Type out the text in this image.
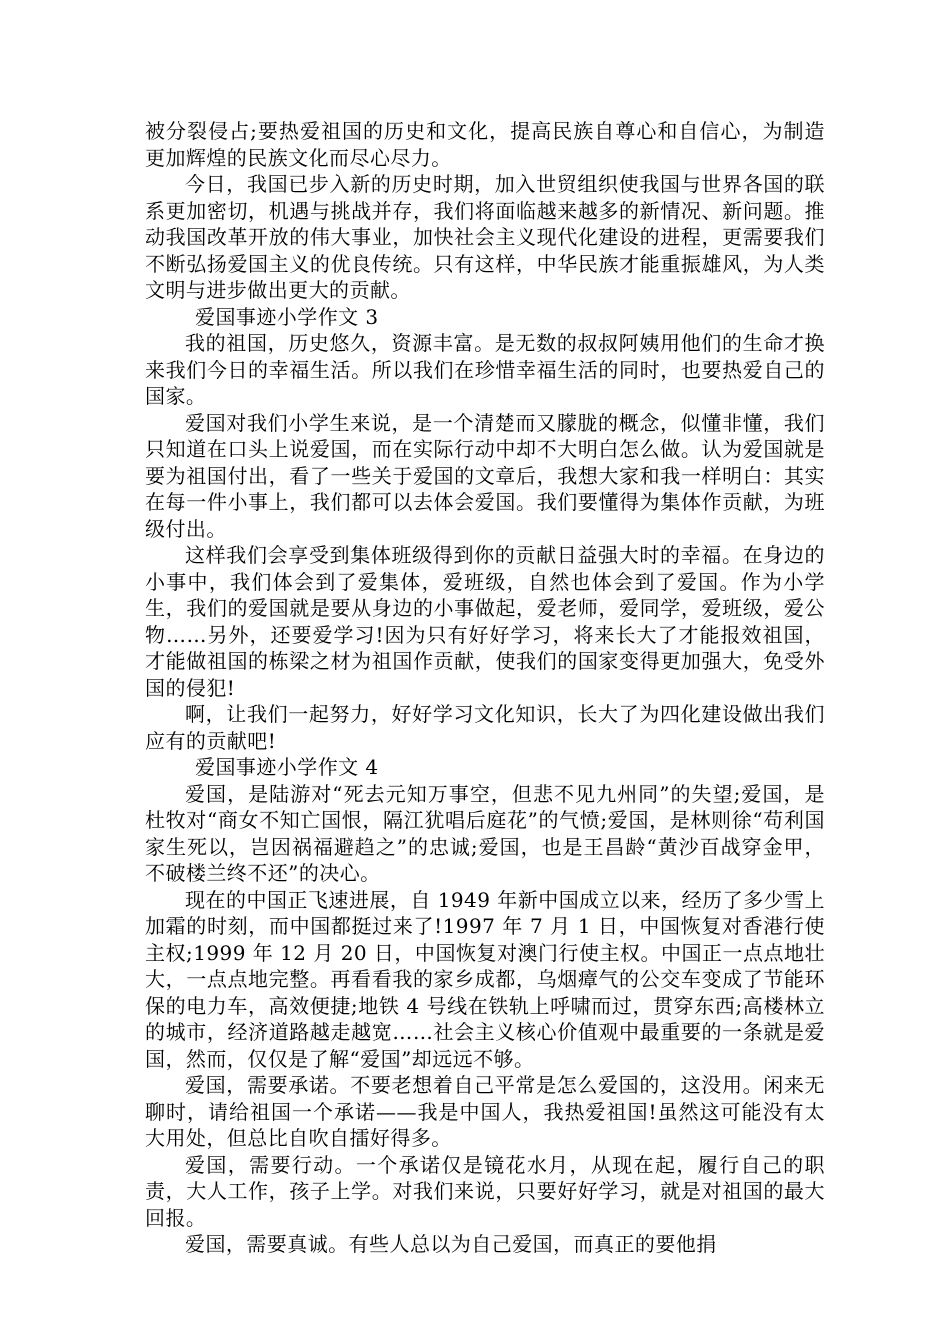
被分裂侵占;要热爱祖国的历史和文化，提高民族自尊心和自信心，为制造更加辉煌的民族文化而尽心尽力。

今日，我国已步入新的历史时期，加入世贸组织使我国与世界各国的联系更加密切，机遇与挑战并存，我们将面临越来越多的新情况、新问题。推动我国改革开放的伟大事业，加快社会主义现代化建设的进程，更需要我们不断弘扬爱国主义的优良传统。只有这样，中华民族才能重振雄风，为人类文明与进步做出更大的贡献。

爱国事迹小学作文 3

我的祖国，历史悠久，资源丰富。是无数的叔叔阿姨用他们的生命才换来我们今日的幸福生活。所以我们在珍惜幸福生活的同时，也要热爱自己的国家。

爱国对我们小学生来说，是一个清楚而又朦胧的概念，似懂非懂，我们只知道在口头上说爱国，而在实际行动中却不大明白怎么做。认为爱国就是要为祖国付出，看了一些关于爱国的文章后，我想大家和我一样明白：其实在每一件小事上，我们都可以去体会爱国。我们要懂得为集体作贡献，为班级付出。

这样我们会享受到集体班级得到你的贡献日益强大时的幸福。在身边的小事中，我们体会到了爱集体，爱班级，自然也体会到了爱国。作为小学生，我们的爱国就是要从身边的小事做起，爱老师，爱同学，爱班级，爱公物……另外，还要爱学习!因为只有好好学习，将来长大了才能报效祖国，才能做祖国的栋梁之材为祖国作贡献，使我们的国家变得更加强大，免受外国的侵犯!

啊，让我们一起努力，好好学习文化知识，长大了为四化建设做出我们应有的贡献吧!

爱国事迹小学作文 4

爱国，是陆游对“死去元知万事空，但悲不见九州同”的失望;爱国，是杜牧对“商女不知亡国恨，隔江犹唱后庭花”的气愤;爱国，是林则徐“苟利国家生死以，岂因祸福避趋之”的忠诚;爱国，也是王昌龄“黄沙百战穿金甲，不破楼兰终不还”的决心。

现在的中国正飞速进展，自 1949 年新中国成立以来，经历了多少雪上加霜的时刻，而中国都挺过来了!1997 年 7 月 1 日，中国恢复对香港行使主权;1999 年 12 月 20 日，中国恢复对澳门行使主权。中国正一点点地壮大，一点点地完整。再看看我的家乡成都，乌烟瘴气的公交车变成了节能环保的电力车，高效便捷;地铁 4 号线在铁轨上呼啸而过，贯穿东西;高楼林立的城市，经济道路越走越宽……社会主义核心价值观中最重要的一条就是爱国，然而，仅仅是了解“爱国”却远远不够。

爱国，需要承诺。不要老想着自己平常是怎么爱国的，这没用。闲来无聊时，请给祖国一个承诺——我是中国人，我热爱祖国!虽然这可能没有太大用处，但总比自吹自擂好得多。

爱国，需要行动。一个承诺仅是镜花水月，从现在起，履行自己的职责，大人工作，孩子上学。对我们来说，只要好好学习，就是对祖国的最大回报。

爱国，需要真诚。有些人总以为自己爱国，而真正的要他捐
